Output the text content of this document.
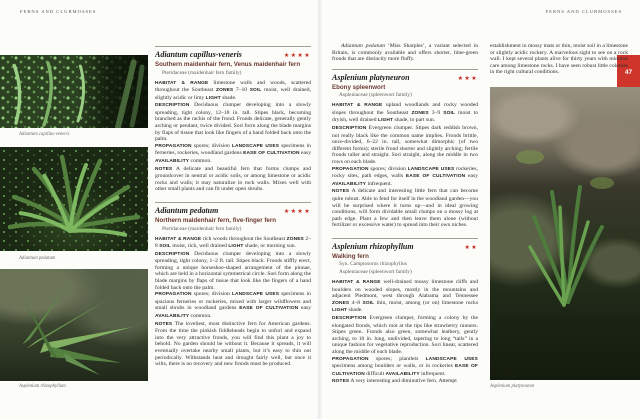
FERNS AND CLUBMOSSES	FERNS AND CLUBMOSSES
47
Adiantum capillus-veneris
Adiantum pedatum
Asplenium rhizophyllum
Adiantum capillus-veneris	★★★★
Southern maidenhair fern, Venus maidenhair fern
Pteridaceae (maidenhair fern family)

HABITAT & RANGE limestone walls and woods, scattered throughout the Southeast ZONES 7–10 SOIL moist, well drained, slightly acidic or limy LIGHT shade.

DESCRIPTION Deciduous clumper developing into a slowly spreading, tight colony, 12–18 in. tall. Stipes black, becoming branched as the rachis of the frond. Fronds delicate, generally gently arching or pendant, twice divided. Sori form along the blade margins by flaps of tissue that look like fingers of a hand folded back onto the palm.

PROPAGATION spores; division LANDSCAPE USES specimens in ferneries, rockeries, woodland gardens EASE OF CULTIVATION easy AVAILABILITY common.

NOTES A delicate and beautiful fern that forms clumps and groundcover in neutral or acidic soils, or among limestone or acidic rocks and walls; it may naturalize in rock walls. Mixes well with other small plants and can fit under open shrubs.

Adiantum pedatum	★★★★
Northern maidenhair fern, five-finger fern
Pteridaceae (maidenhair fern family)

HABITAT & RANGE rich woods throughout the Southeast ZONES 2–8 SOIL moist, rich, well drained LIGHT shade, or morning sun.

DESCRIPTION Deciduous clumper developing into a slowly spreading, tight colony, 1–2 ft. tall. Stipes black. Fronds stiffly erect, forming a unique horseshoe-shaped arrangement of the pinnae, which are held in a horizontal symmetrical circle. Sori form along the blade margins by flaps of tissue that look like the fingers of a hand folded back onto the palm.

PROPAGATION spores; division LANDSCAPE USES specimens in spacious ferneries or rockeries, mixed with larger wildflowers and small shrubs in woodland gardens EASE OF CULTIVATION easy AVAILABILITY common.

NOTES The loveliest, most distinctive fern for American gardens. From the time the pinkish fiddleheads begin to unfurl and expand into the very attractive fronds, you will find this plant a joy to behold. No garden should be without it. Because it spreads, it will eventually overtake nearby small plants, but it’s easy to thin out periodically. Withstands heat and drought fairly well, but once it wilts, there is no recovery and new fronds must be produced.

Adiantum pedatum ‘Miss Sharples’, a variant selected in Britain, is commonly available and offers shorter, lime-green fronds that are distinctly more fluffy.

Asplenium platyneuron	★★★
Ebony spleenwort
Aspleniaceae (spleenwort family)

HABITAT & RANGE upland woodlands and rocky wooded slopes throughout the Southeast ZONES 3–9 SOIL moist to dryish, well drained LIGHT shade, to part sun.

DESCRIPTION Evergreen clumper. Stipes dark reddish brown, not really black like the common name implies. Fronds brittle, once-divided, 6–22 in. tall, somewhat dimorphic (of two different forms); sterile frond shorter and slightly arching; fertile fronds taller and straight. Sori straight, along the middle in two rows on each blade.

PROPAGATION spores; division LANDSCAPE USES rockeries, rocky sites, path edges, walls EASE OF CULTIVATION easy AVAILABILITY infrequent.

NOTES A delicate and interesting little fern that can become quite robust. Able to fend for itself in the woodland garden—you will be surprised where it turns up—and in ideal growing conditions, will form dividable small clumps on a mossy log at path edge. Plant a few and then leave them alone (without fertilizer or excessive water) to spread into their own niches.

Asplenium rhizophyllum	★★
Walking fern
Syn. Camptosorus rhizophyllus
Aspleniaceae (spleenwort family)

HABITAT & RANGE well-drained mossy limestone cliffs and boulders on wooded slopes, mostly in the mountains and adjacent Piedmont, west through Alabama and Tennessee ZONES 4–8 SOIL thin, moist, among (or on) limestone rocks LIGHT shade.

DESCRIPTION Evergreen clumper, forming a colony by the elongated fronds, which root at the tips like strawberry runners. Stipes green. Fronds also green, somewhat leathery, gently arching, to 10 in. long, undivided, tapering to long “tails” in a unique fashion for vegetative reproduction. Sori linear, scattered along the middle of each blade.

PROPAGATION spores; plantlets LANDSCAPE USES specimens among boulders or walls, or in rockeries EASE OF CULTIVATION difficult AVAILABILITY infrequent.

NOTES A very interesting and diminutive fern. Attempt

establishment in mossy mats or thin, moist soil in a limestone or slightly acidic rockery. A marvelous sight to see on a rock wall. I kept several plants alive for thirty years with minimal care among limestone rocks. I have seen robust little colonies in the right cultural conditions.

Asplenium platyneuron
